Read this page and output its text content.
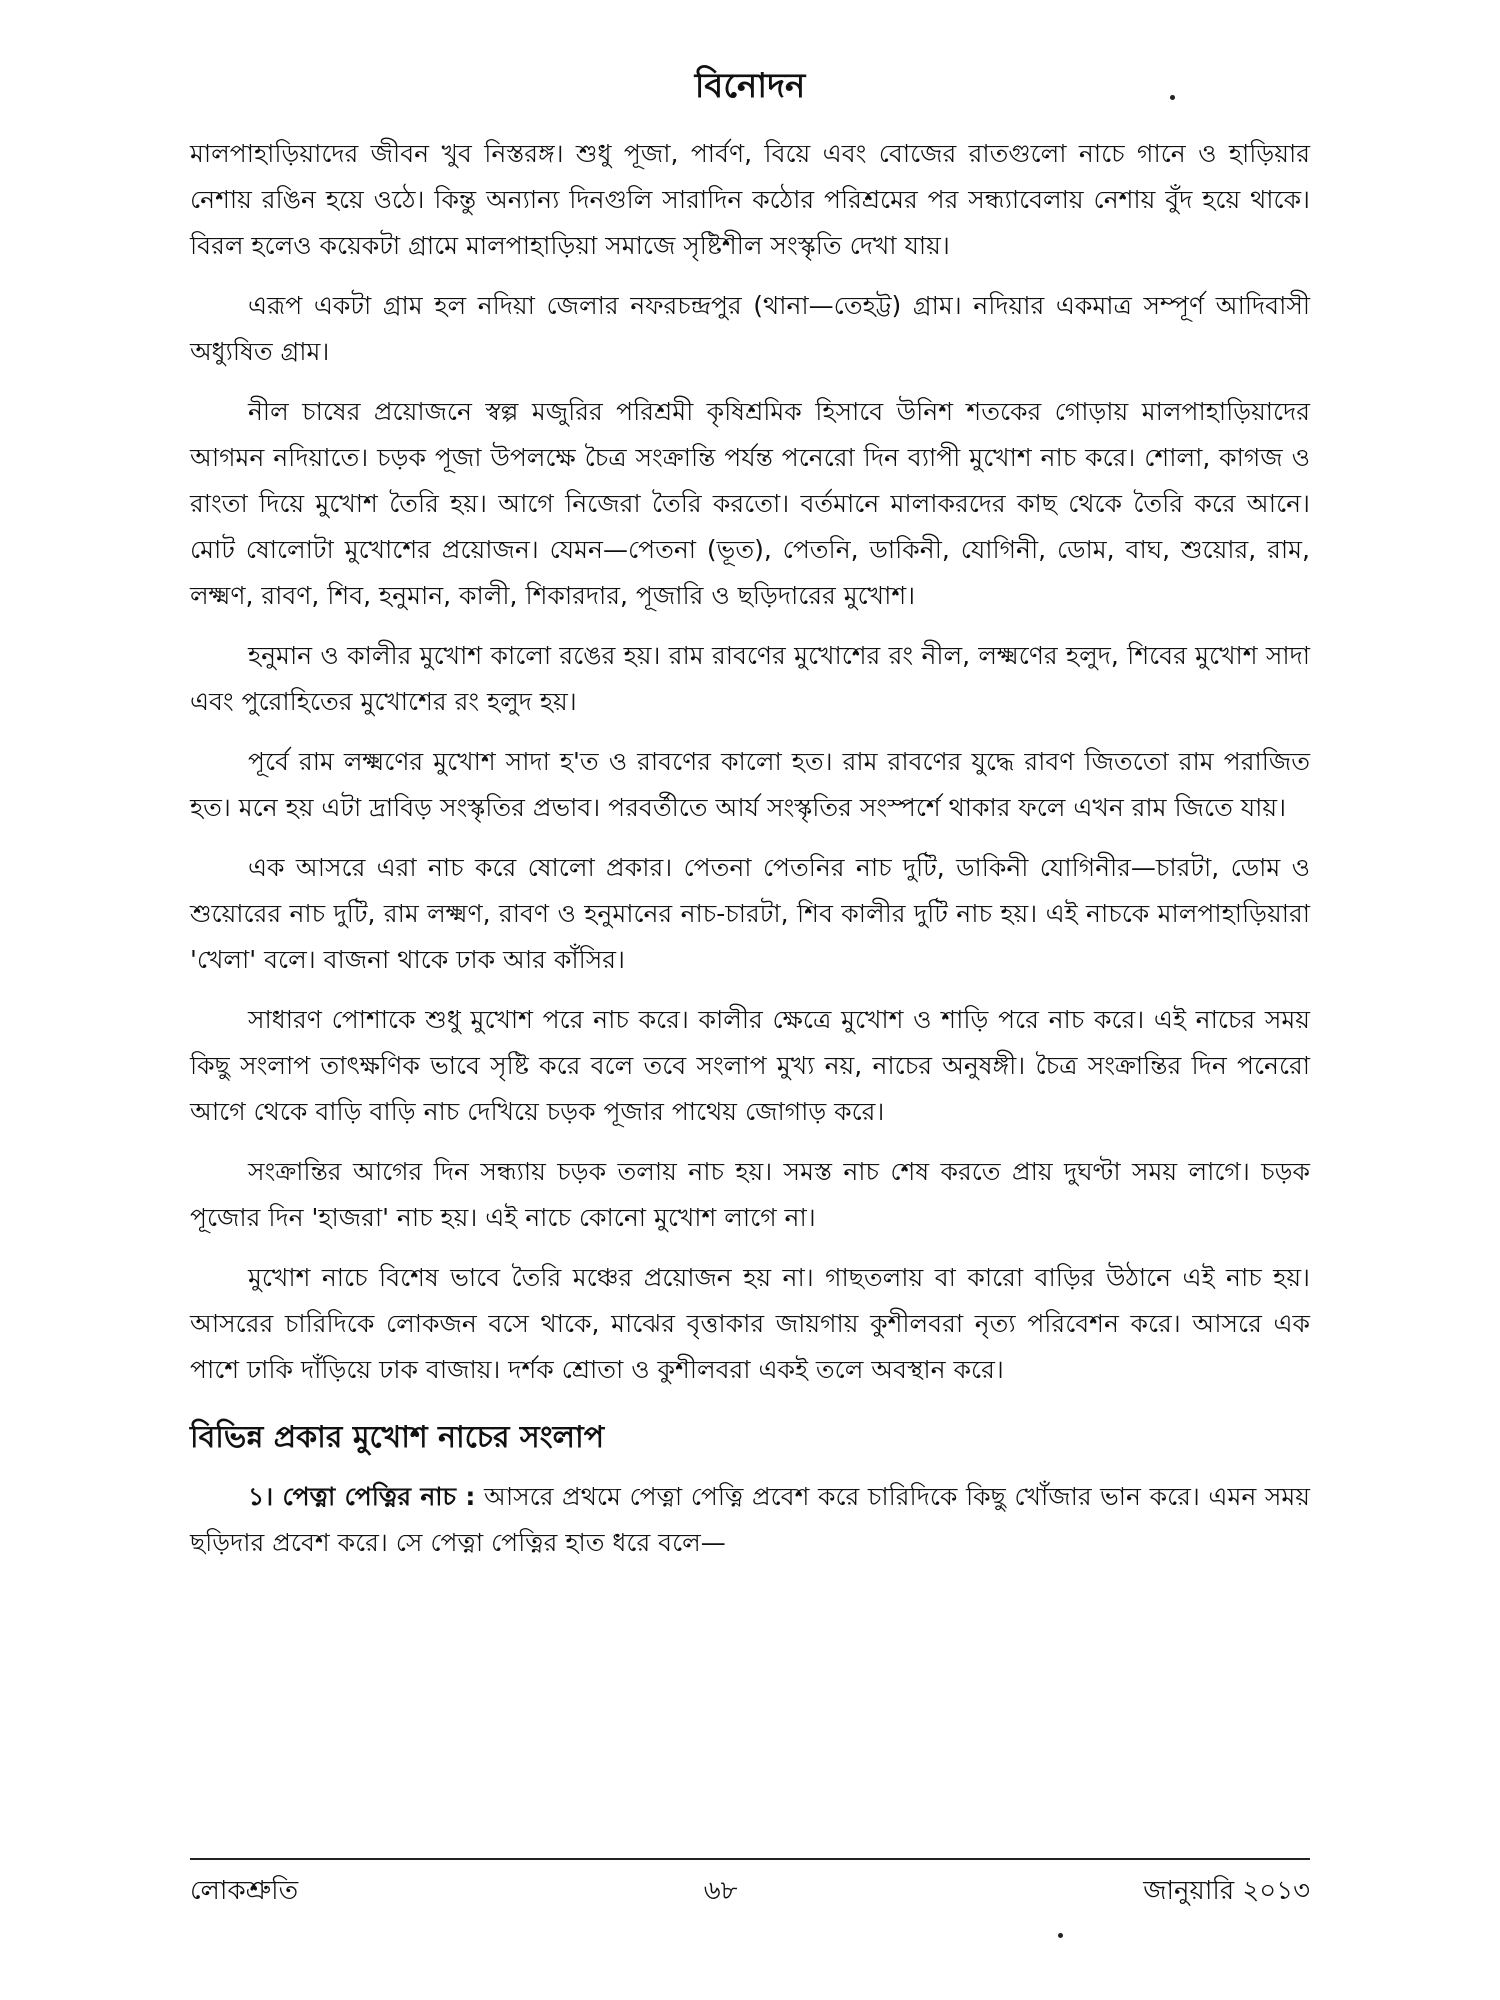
বিনোদন

মালপাহাড়িয়াদের জীবন খুব নিস্তরঙ্গ। শুধু পূজা, পার্বণ, বিয়ে এবং বোজের রাতগুলো নাচে গানে ও হাড়িয়ার নেশায় রঙিন হয়ে ওঠে। কিন্তু অন্যান্য দিনগুলি সারাদিন কঠোর পরিশ্রমের পর সন্ধ্যাবেলায় নেশায় বুঁদ হয়ে থাকে। বিরল হলেও কয়েকটা গ্রামে মালপাহাড়িয়া সমাজে সৃষ্টিশীল সংস্কৃতি দেখা যায়।

এরূপ একটা গ্রাম হল নদিয়া জেলার নফরচন্দ্রপুর (থানা—তেহট্ট) গ্রাম। নদিয়ার একমাত্র সম্পূর্ণ আদিবাসী অধ্যুষিত গ্রাম।

নীল চাষের প্রয়োজনে স্বল্প মজুরির পরিশ্রমী কৃষিশ্রমিক হিসাবে উনিশ শতকের গোড়ায় মালপাহাড়িয়াদের আগমন নদিয়াতে। চড়ক পূজা উপলক্ষে চৈত্র সংক্রান্তি পর্যন্ত পনেরো দিন ব্যাপী মুখোশ নাচ করে। শোলা, কাগজ ও রাংতা দিয়ে মুখোশ তৈরি হয়। আগে নিজেরা তৈরি করতো। বর্তমানে মালাকরদের কাছ থেকে তৈরি করে আনে। মোট ষোলোটা মুখোশের প্রয়োজন। যেমন—পেতনা (ভূত), পেতনি, ডাকিনী, যোগিনী, ডোম, বাঘ, শুয়োর, রাম, লক্ষ্মণ, রাবণ, শিব, হনুমান, কালী, শিকারদার, পূজারি ও ছড়িদারের মুখোশ।

হনুমান ও কালীর মুখোশ কালো রঙের হয়। রাম রাবণের মুখোশের রং নীল, লক্ষ্মণের হলুদ, শিবের মুখোশ সাদা এবং পুরোহিতের মুখোশের রং হলুদ হয়।

পূর্বে রাম লক্ষ্মণের মুখোশ সাদা হ'ত ও রাবণের কালো হত। রাম রাবণের যুদ্ধে রাবণ জিততো রাম পরাজিত হত। মনে হয় এটা দ্রাবিড় সংস্কৃতির প্রভাব। পরবর্তীতে আর্য সংস্কৃতির সংস্পর্শে থাকার ফলে এখন রাম জিতে যায়।

এক আসরে এরা নাচ করে ষোলো প্রকার। পেতনা পেতনির নাচ দুটি, ডাকিনী যোগিনীর—চারটা, ডোম ও শুয়োরের নাচ দুটি, রাম লক্ষ্মণ, রাবণ ও হনুমানের নাচ-চারটা, শিব কালীর দুটি নাচ হয়। এই নাচকে মালপাহাড়িয়ারা 'খেলা' বলে। বাজনা থাকে ঢাক আর কাঁসির।

সাধারণ পোশাকে শুধু মুখোশ পরে নাচ করে। কালীর ক্ষেত্রে মুখোশ ও শাড়ি পরে নাচ করে। এই নাচের সময় কিছু সংলাপ তাৎক্ষণিক ভাবে সৃষ্টি করে বলে তবে সংলাপ মুখ্য নয়, নাচের অনুষঙ্গী। চৈত্র সংক্রান্তির দিন পনেরো আগে থেকে বাড়ি বাড়ি নাচ দেখিয়ে চড়ক পূজার পাথেয় জোগাড় করে।

সংক্রান্তির আগের দিন সন্ধ্যায় চড়ক তলায় নাচ হয়। সমস্ত নাচ শেষ করতে প্রায় দুঘণ্টা সময় লাগে। চড়ক পূজোর দিন 'হাজরা' নাচ হয়। এই নাচে কোনো মুখোশ লাগে না।

মুখোশ নাচে বিশেষ ভাবে তৈরি মঞ্চের প্রয়োজন হয় না। গাছতলায় বা কারো বাড়ির উঠানে এই নাচ হয়। আসরের চারিদিকে লোকজন বসে থাকে, মাঝের বৃত্তাকার জায়গায় কুশীলবরা নৃত্য পরিবেশন করে। আসরে এক পাশে ঢাকি দাঁড়িয়ে ঢাক বাজায়। দর্শক শ্রোতা ও কুশীলবরা একই তলে অবস্থান করে।

বিভিন্ন প্রকার মুখোশ নাচের সংলাপ

১। পেত্না পেত্নির নাচ : আসরে প্রথমে পেত্না পেত্নি প্রবেশ করে চারিদিকে কিছু খোঁজার ভান করে। এমন সময় ছড়িদার প্রবেশ করে। সে পেত্না পেত্নির হাত ধরে বলে—

লোকশ্রুতি	৬৮	জানুয়ারি ২০১৩
